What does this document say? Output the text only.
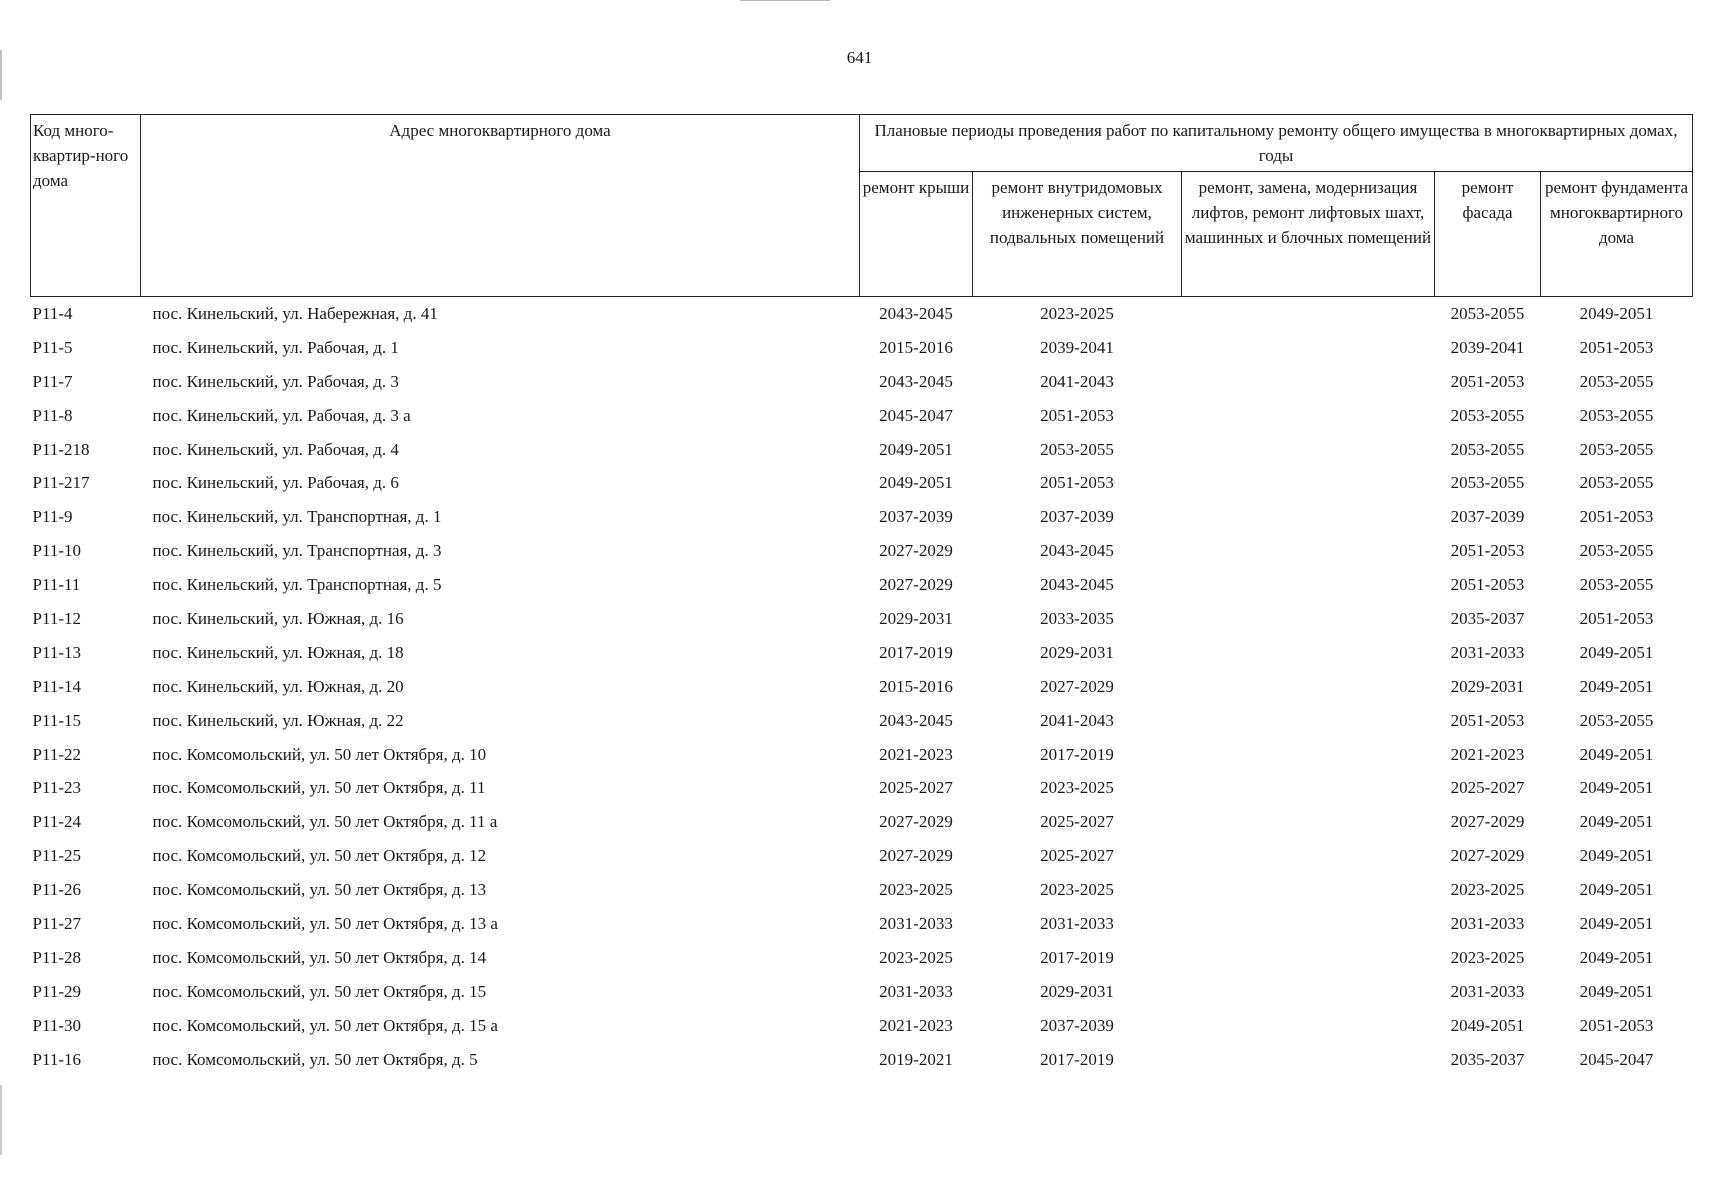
641
Код много-квартир-ного дома	Адрес многоквартирного дома	Плановые периоды проведения работ по капитальному ремонту общего имущества в многоквартирных домах, годы				
		ремонт крыши	ремонт внутридомовых инженерных систем, подвальных помещений	ремонт, замена, модернизация лифтов, ремонт лифтовых шахт, машинных и блочных помещений	ремонт фасада	ремонт фундамента многоквартирного дома
P11-4	пос. Кинельский, ул. Набережная, д. 41	2043-2045	2023-2025		2053-2055	2049-2051
P11-5	пос. Кинельский, ул. Рабочая, д. 1	2015-2016	2039-2041		2039-2041	2051-2053
P11-7	пос. Кинельский, ул. Рабочая, д. 3	2043-2045	2041-2043		2051-2053	2053-2055
P11-8	пос. Кинельский, ул. Рабочая, д. 3 а	2045-2047	2051-2053		2053-2055	2053-2055
P11-218	пос. Кинельский, ул. Рабочая, д. 4	2049-2051	2053-2055		2053-2055	2053-2055
P11-217	пос. Кинельский, ул. Рабочая, д. 6	2049-2051	2051-2053		2053-2055	2053-2055
P11-9	пос. Кинельский, ул. Транспортная, д. 1	2037-2039	2037-2039		2037-2039	2051-2053
P11-10	пос. Кинельский, ул. Транспортная, д. 3	2027-2029	2043-2045		2051-2053	2053-2055
P11-11	пос. Кинельский, ул. Транспортная, д. 5	2027-2029	2043-2045		2051-2053	2053-2055
P11-12	пос. Кинельский, ул. Южная, д. 16	2029-2031	2033-2035		2035-2037	2051-2053
P11-13	пос. Кинельский, ул. Южная, д. 18	2017-2019	2029-2031		2031-2033	2049-2051
P11-14	пос. Кинельский, ул. Южная, д. 20	2015-2016	2027-2029		2029-2031	2049-2051
P11-15	пос. Кинельский, ул. Южная, д. 22	2043-2045	2041-2043		2051-2053	2053-2055
P11-22	пос. Комсомольский, ул. 50 лет Октября, д. 10	2021-2023	2017-2019		2021-2023	2049-2051
P11-23	пос. Комсомольский, ул. 50 лет Октября, д. 11	2025-2027	2023-2025		2025-2027	2049-2051
P11-24	пос. Комсомольский, ул. 50 лет Октября, д. 11 а	2027-2029	2025-2027		2027-2029	2049-2051
P11-25	пос. Комсомольский, ул. 50 лет Октября, д. 12	2027-2029	2025-2027		2027-2029	2049-2051
P11-26	пос. Комсомольский, ул. 50 лет Октября, д. 13	2023-2025	2023-2025		2023-2025	2049-2051
P11-27	пос. Комсомольский, ул. 50 лет Октября, д. 13 а	2031-2033	2031-2033		2031-2033	2049-2051
P11-28	пос. Комсомольский, ул. 50 лет Октября, д. 14	2023-2025	2017-2019		2023-2025	2049-2051
P11-29	пос. Комсомольский, ул. 50 лет Октября, д. 15	2031-2033	2029-2031		2031-2033	2049-2051
P11-30	пос. Комсомольский, ул. 50 лет Октября, д. 15 а	2021-2023	2037-2039		2049-2051	2051-2053
P11-16	пос. Комсомольский, ул. 50 лет Октября, д. 5	2019-2021	2017-2019		2035-2037	2045-2047
